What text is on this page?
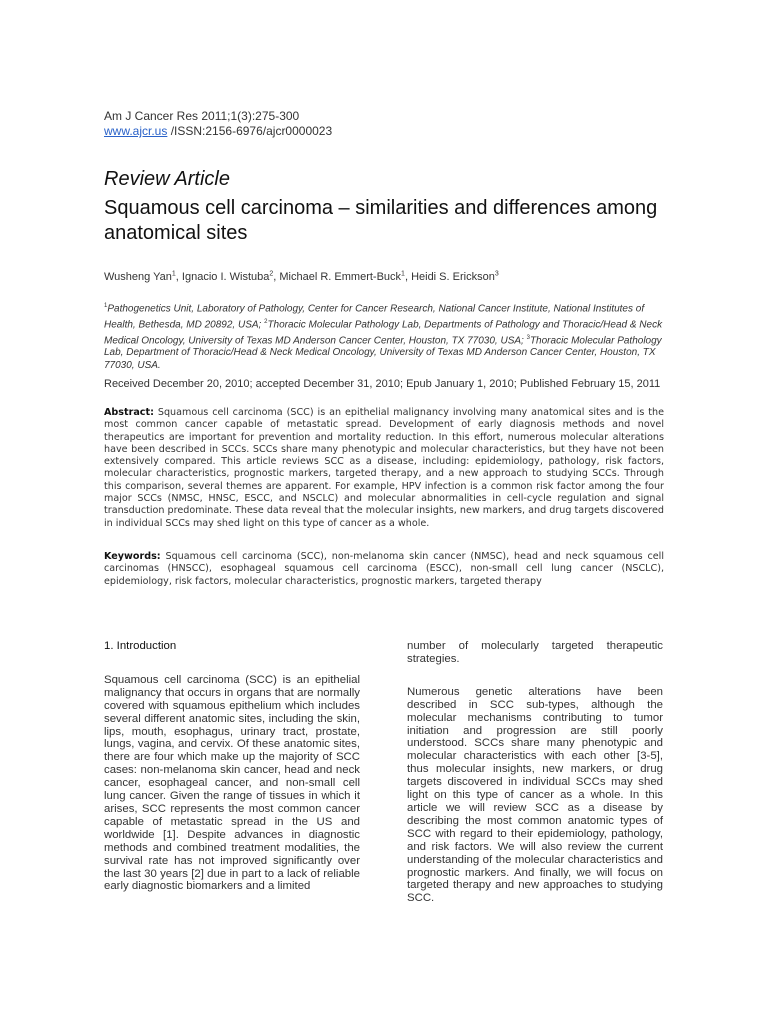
Am J Cancer Res 2011;1(3):275-300
www.ajcr.us /ISSN:2156-6976/ajcr0000023
Review Article
Squamous cell carcinoma – similarities and differences among anatomical sites
Wusheng Yan$^1$, Ignacio I. Wistuba$^2$, Michael R. Emmert-Buck$^1$, Heidi S. Erickson$^3$
$^1$Pathogenetics Unit, Laboratory of Pathology, Center for Cancer Research, National Cancer Institute, National Institutes of Health, Bethesda, MD 20892, USA; $^2$Thoracic Molecular Pathology Lab, Departments of Pathology and Thoracic/Head & Neck Medical Oncology, University of Texas MD Anderson Cancer Center, Houston, TX 77030, USA; $^3$Thoracic Molecular Pathology Lab, Department of Thoracic/Head & Neck Medical Oncology, University of Texas MD Anderson Cancer Center, Houston, TX 77030, USA.
Received December 20, 2010; accepted December 31, 2010; Epub January 1, 2010; Published February 15, 2011
Abstract: Squamous cell carcinoma (SCC) is an epithelial malignancy involving many anatomical sites and is the most common cancer capable of metastatic spread. Development of early diagnosis methods and novel therapeutics are important for prevention and mortality reduction. In this effort, numerous molecular alterations have been described in SCCs. SCCs share many phenotypic and molecular characteristics, but they have not been extensively compared. This article reviews SCC as a disease, including: epidemiology, pathology, risk factors, molecular characteristics, prognostic markers, targeted therapy, and a new approach to studying SCCs. Through this comparison, several themes are apparent. For example, HPV infection is a common risk factor among the four major SCCs (NMSC, HNSC, ESCC, and NSCLC) and molecular abnormalities in cell-cycle regulation and signal transduction predominate. These data reveal that the molecular insights, new markers, and drug targets discovered in individual SCCs may shed light on this type of cancer as a whole.
Keywords: Squamous cell carcinoma (SCC), non-melanoma skin cancer (NMSC), head and neck squamous cell carcinomas (HNSCC), esophageal squamous cell carcinoma (ESCC), non-small cell lung cancer (NSCLC), epidemiology, risk factors, molecular characteristics, prognostic markers, targeted therapy
1. Introduction

Squamous cell carcinoma (SCC) is an epithelial malignancy that occurs in organs that are normally covered with squamous epithelium which includes several different anatomic sites, including the skin, lips, mouth, esophagus, urinary tract, prostate, lungs, vagina, and cervix. Of these anatomic sites, there are four which make up the majority of SCC cases: non-melanoma skin cancer, head and neck cancer, esophageal cancer, and non-small cell lung cancer. Given the range of tissues in which it arises, SCC represents the most common cancer capable of metastatic spread in the US and worldwide [1]. Despite advances in diagnostic methods and combined treatment modalities, the survival rate has not improved significantly over the last 30 years [2] due in part to a lack of reliable early diagnostic biomarkers and a limited

number of molecularly targeted therapeutic strategies.

Numerous genetic alterations have been described in SCC sub-types, although the molecular mechanisms contributing to tumor initiation and progression are still poorly understood. SCCs share many phenotypic and molecular characteristics with each other [3-5], thus molecular insights, new markers, or drug targets discovered in individual SCCs may shed light on this type of cancer as a whole. In this article we will review SCC as a disease by describing the most common anatomic types of SCC with regard to their epidemiology, pathology, and risk factors. We will also review the current understanding of the molecular characteristics and prognostic markers. And finally, we will focus on targeted therapy and new approaches to studying SCC.
